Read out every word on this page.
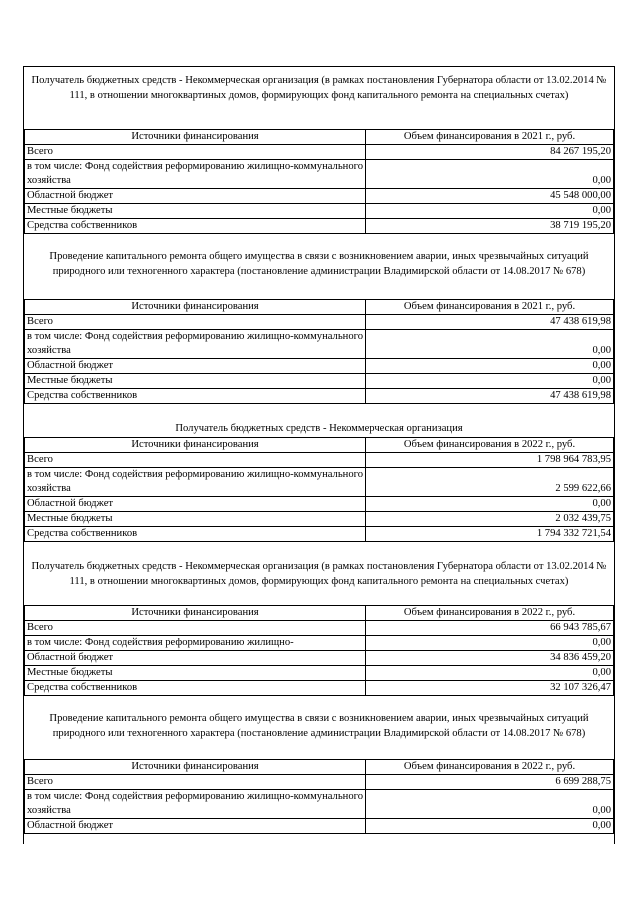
Получатель бюджетных средств - Некоммерческая организация (в рамках постановления Губернатора области от 13.02.2014 № 111, в отношении многоквартиных домов, формирующих фонд капитального ремонта на специальных счетах)
Источники финансирования	Объем финансирования в 2021 г., руб.
Всего	84 267 195,20
в том числе: Фонд содействия реформированию жилищно-коммунального хозяйства	0,00
Областной бюджет	45 548 000,00
Местные бюджеты	0,00
Средства собственников	38 719 195,20
Проведение капитального ремонта общего имущества в связи с возникновением аварии, иных чрезвычайных ситуаций природного или техногенного характера (постановление администрации Владимирской области от 14.08.2017 № 678)
Источники финансирования	Объем финансирования в 2021 г., руб.
Всего	47 438 619,98
в том числе: Фонд содействия реформированию жилищно-коммунального хозяйства	0,00
Областной бюджет	0,00
Местные бюджеты	0,00
Средства собственников	47 438 619,98
Получатель бюджетных средств - Некоммерческая организация
Источники финансирования	Объем финансирования в 2022 г., руб.
Всего	1 798 964 783,95
в том числе: Фонд содействия реформированию жилищно-коммунального хозяйства	2 599 622,66
Областной бюджет	0,00
Местные бюджеты	2 032 439,75
Средства собственников	1 794 332 721,54
Получатель бюджетных средств - Некоммерческая организация (в рамках постановления Губернатора области от 13.02.2014 № 111, в отношении многоквартиных домов, формирующих фонд капитального ремонта на специальных счетах)
Источники финансирования	Объем финансирования в 2022 г., руб.
Всего	66 943 785,67
в том числе: Фонд содействия реформированию жилищно-	0,00
Областной бюджет	34 836 459,20
Местные бюджеты	0,00
Средства собственников	32 107 326,47
Проведение капитального ремонта общего имущества в связи с возникновением аварии, иных чрезвычайных ситуаций природного или техногенного характера (постановление администрации Владимирской области от 14.08.2017 № 678)
Источники финансирования	Объем финансирования в 2022 г., руб.
Всего	6 699 288,75
в том числе: Фонд содействия реформированию жилищно-коммунального хозяйства	0,00
Областной бюджет	0,00
